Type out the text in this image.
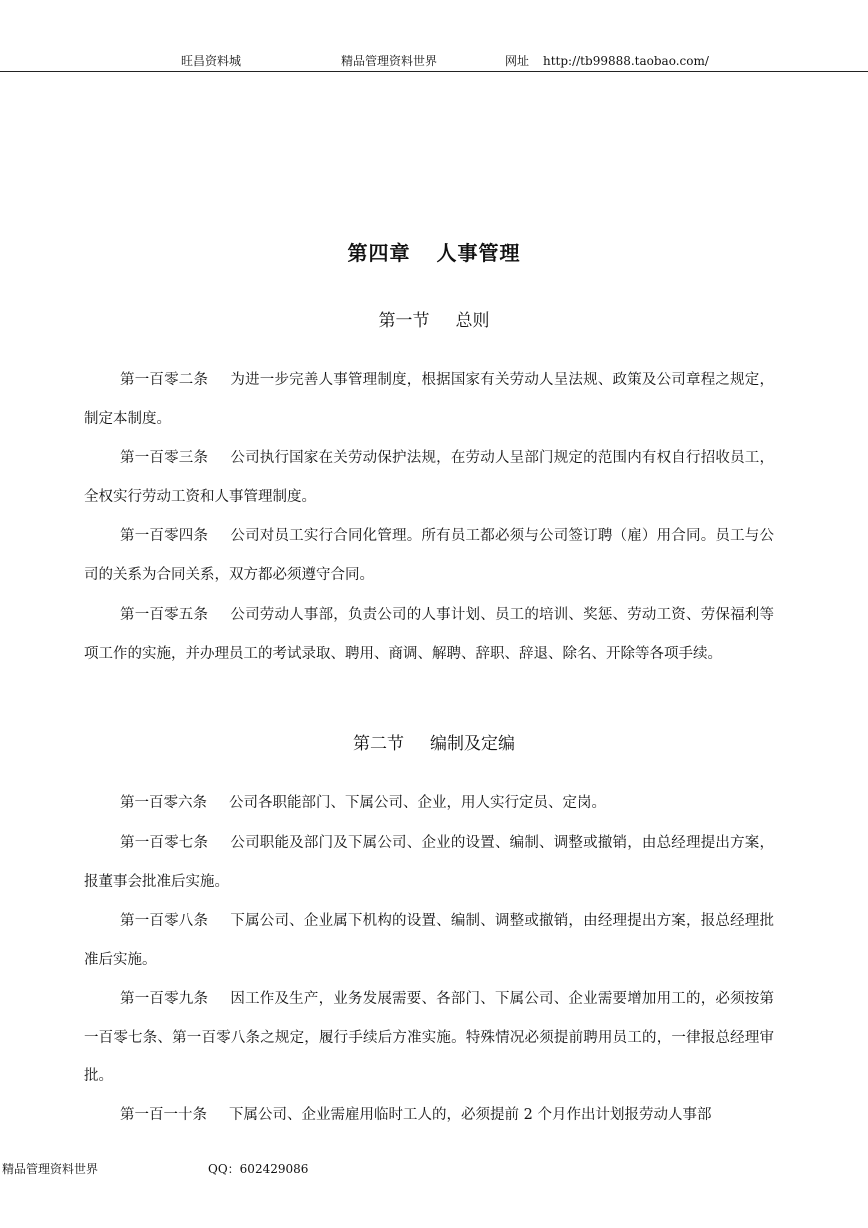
旺昌资料城	精品管理资料世界	网址 http://tb99888.taobao.com/
第四章 人事管理
第一节 总则

第一百零二条 为进一步完善人事管理制度，根据国家有关劳动人呈法规、政策及公司章程之规定，制定本制度。

第一百零三条 公司执行国家在关劳动保护法规，在劳动人呈部门规定的范围内有权自行招收员工，全权实行劳动工资和人事管理制度。

第一百零四条 公司对员工实行合同化管理。所有员工都必须与公司签订聘（雇）用合同。员工与公司的关系为合同关系，双方都必须遵守合同。

第一百零五条 公司劳动人事部，负责公司的人事计划、员工的培训、奖惩、劳动工资、劳保福利等项工作的实施，并办理员工的考试录取、聘用、商调、解聘、辞职、辞退、除名、开除等各项手续。

第二节 编制及定编

第一百零六条 公司各职能部门、下属公司、企业，用人实行定员、定岗。

第一百零七条 公司职能及部门及下属公司、企业的设置、编制、调整或撤销，由总经理提出方案，报董事会批准后实施。

第一百零八条 下属公司、企业属下机构的设置、编制、调整或撤销，由经理提出方案，报总经理批准后实施。

第一百零九条 因工作及生产，业务发展需要、各部门、下属公司、企业需要增加用工的，必须按第一百零七条、第一百零八条之规定，履行手续后方准实施。特殊情况必须提前聘用员工的，一律报总经理审批。

第一百一十条 下属公司、企业需雇用临时工人的，必须提前 2 个月作出计划报劳动人事部

精品管理资料世界	QQ：602429086
